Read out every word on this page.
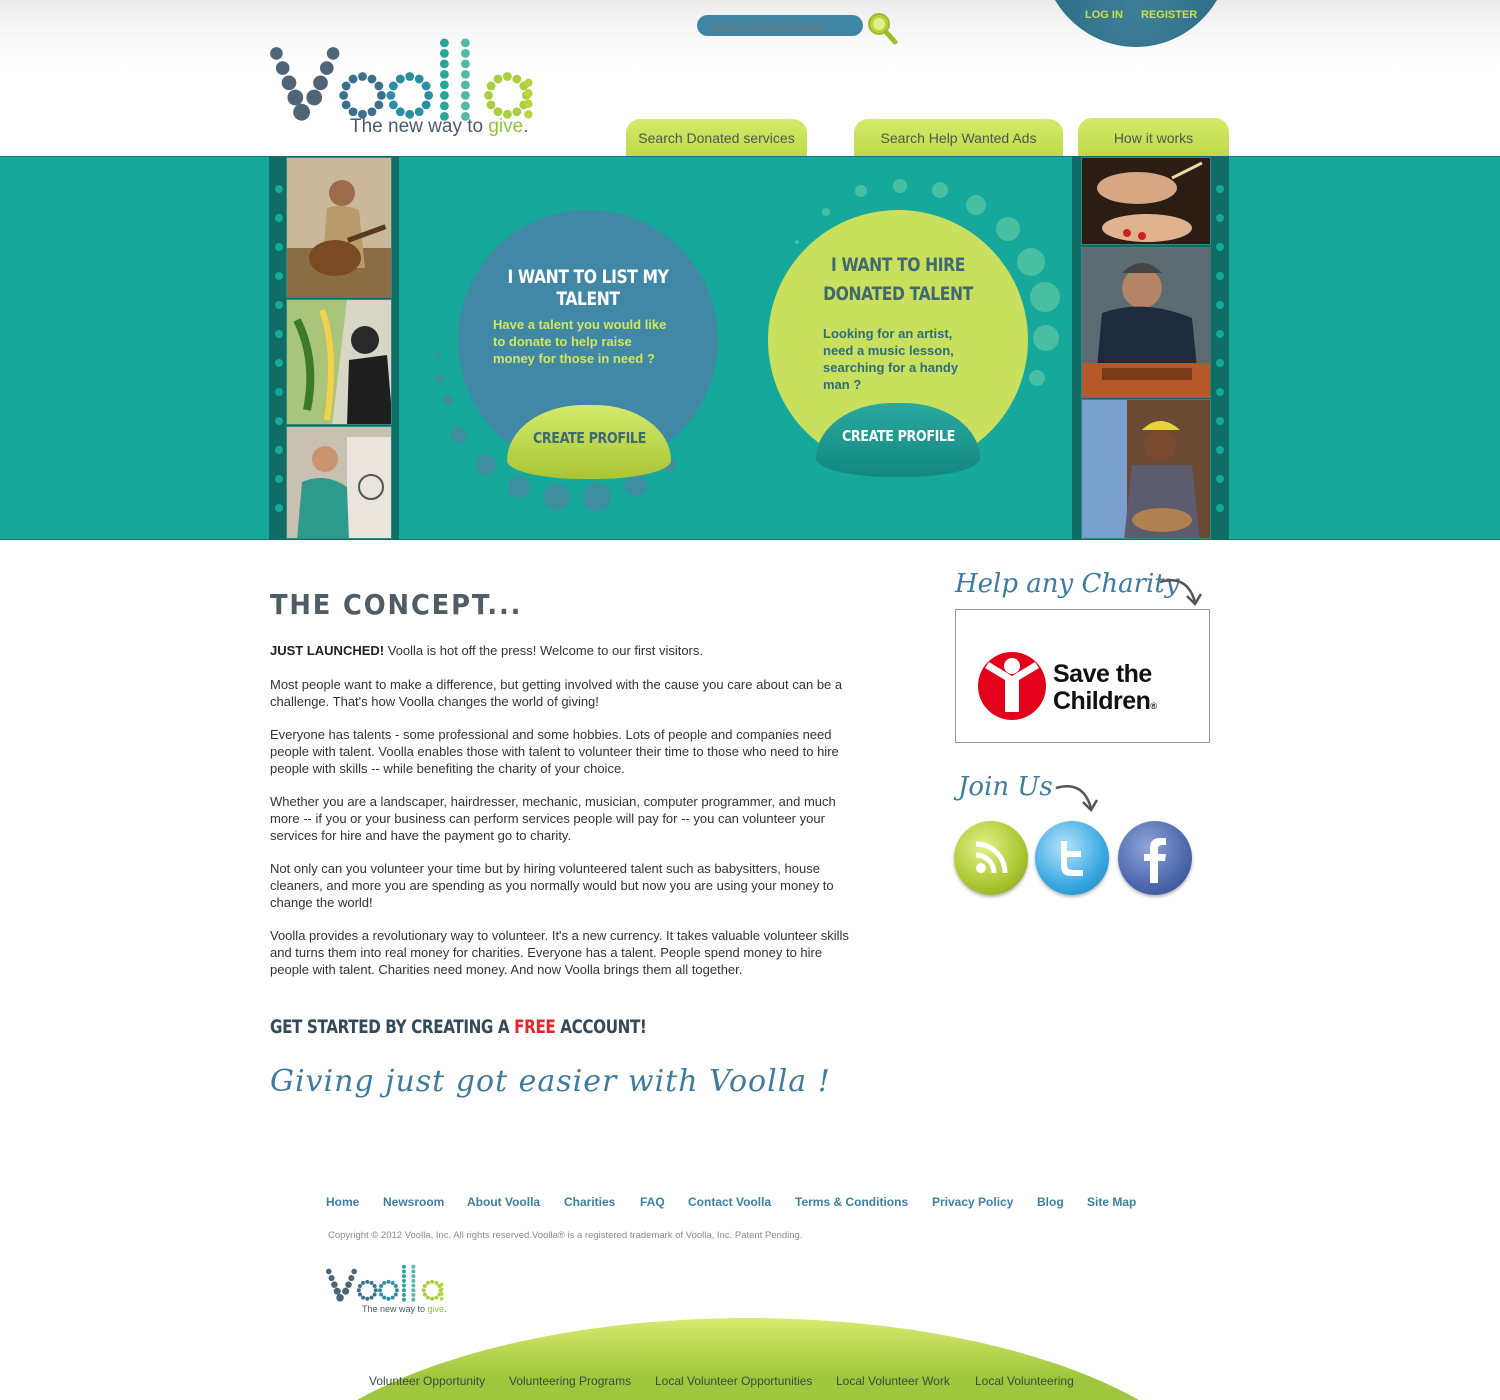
The new way to give.
search donated talent
LOG IN REGISTER
Search Donated services	Search Help Wanted Ads	How it works
I WANT TO LIST MY TALENT
Have a talent you would like to donate to help raise money for those in need ?
CREATE PROFILE
I WANT TO HIRE
DONATED TALENT
Looking for an artist, need a music lesson, searching for a handy man ?
CREATE PROFILE
THE CONCEPT...
JUST LAUNCHED! Voolla is hot off the press! Welcome to our first visitors.
Most people want to make a difference, but getting involved with the cause you care about can be a challenge. That's how Voolla changes the world of giving!
Everyone has talents - some professional and some hobbies. Lots of people and companies need people with talent. Voolla enables those with talent to volunteer their time to those who need to hire people with skills -- while benefiting the charity of your choice.
Whether you are a landscaper, hairdresser, mechanic, musician, computer programmer, and much more -- if you or your business can perform services people will pay for -- you can volunteer your services for hire and have the payment go to charity.
Not only can you volunteer your time but by hiring volunteered talent such as babysitters, house cleaners, and more you are spending as you normally would but now you are using your money to change the world!
Voolla provides a revolutionary way to volunteer. It's a new currency. It takes valuable volunteer skills and turns them into real money for charities. Everyone has a talent. People spend money to hire people with talent. Charities need money. And now Voolla brings them all together.
GET STARTED BY CREATING A FREE ACCOUNT!
Giving just got easier with Voolla !
Help any Charity
Save the
Children®
Join Us
Home Newsroom About Voolla Charities FAQ Contact Voolla Terms & Conditions Privacy Policy Blog Site Map
Copyright © 2012 Voolla, Inc. All rights reserved.Voolla® is a registered trademark of Voolla, Inc. Patent Pending.
The new way to give.
Volunteer Opportunity Volunteering Programs Local Volunteer Opportunities Local Volunteer Work Local Volunteering
